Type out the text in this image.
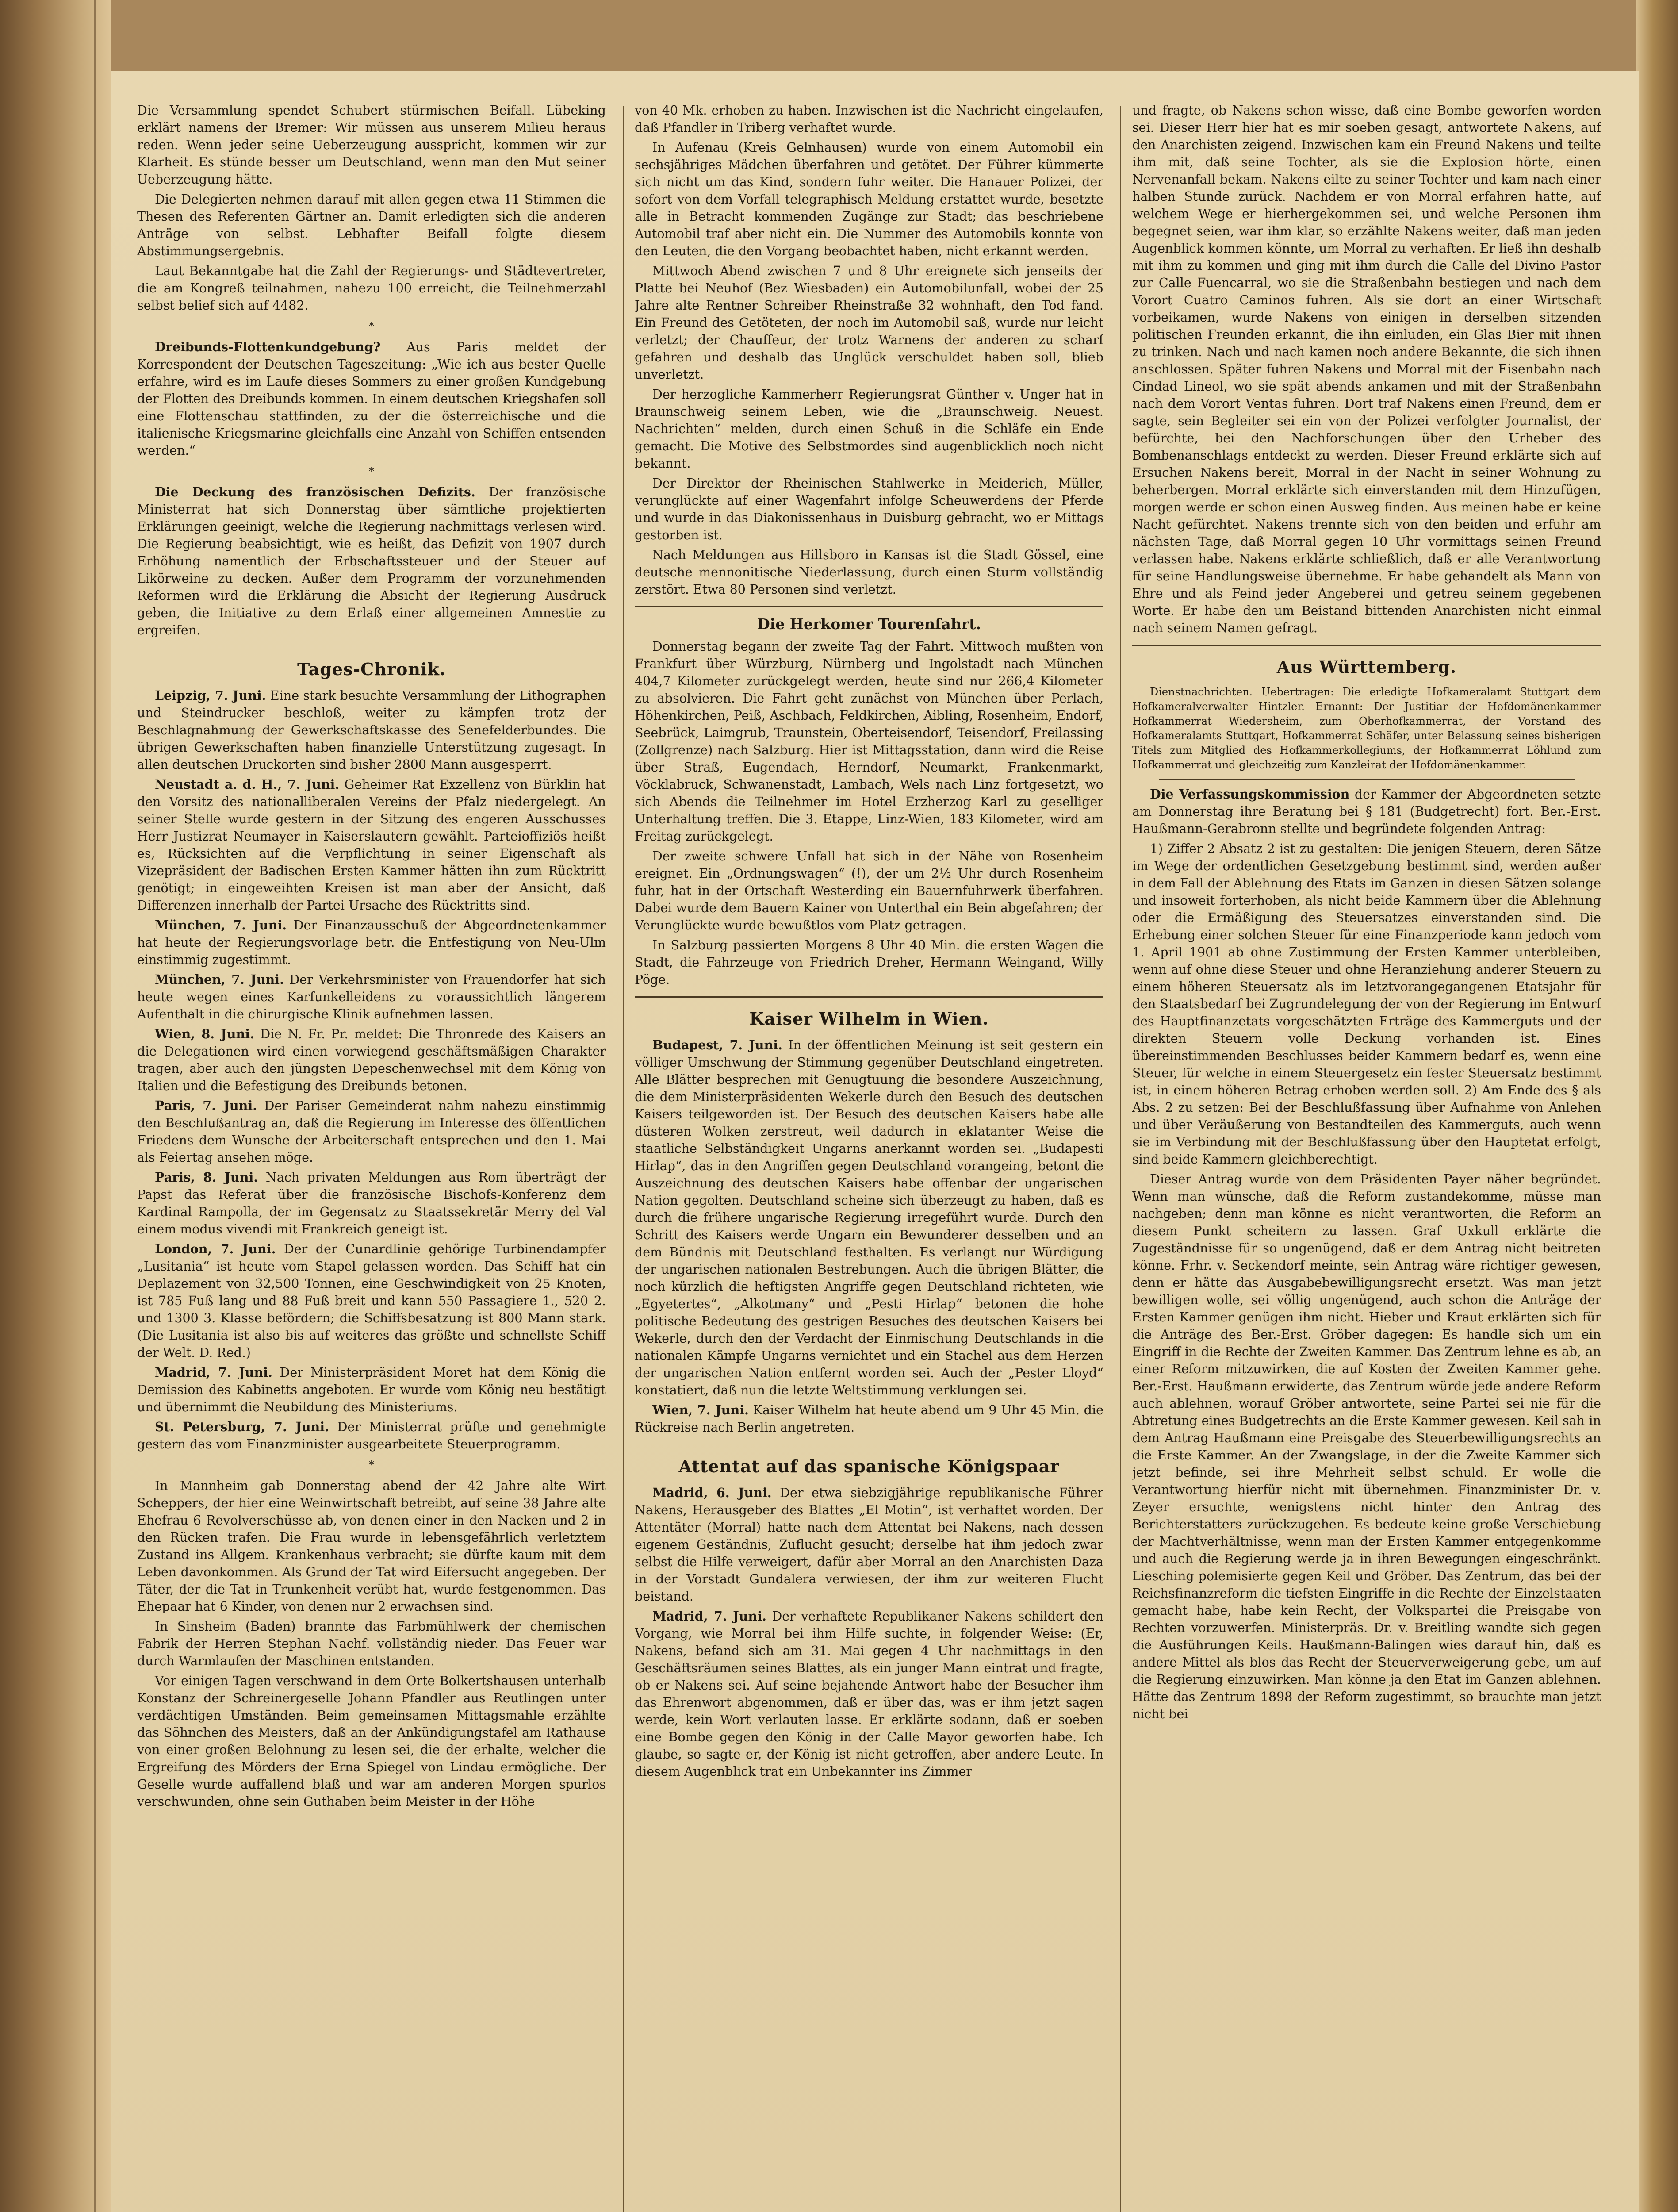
Die Versammlung spendet Schubert stürmischen Beifall. Lübeking erklärt namens der Bremer: Wir müssen aus unserem Milieu heraus reden. Wenn jeder seine Ueberzeugung ausspricht, kommen wir zur Klarheit. Es stünde besser um Deutschland, wenn man den Mut seiner Ueberzeugung hätte.

Die Delegierten nehmen darauf mit allen gegen etwa 11 Stimmen die Thesen des Referenten Gärtner an. Damit erledigten sich die anderen Anträge von selbst. Lebhafter Beifall folgte diesem Abstimmungsergebnis.

Laut Bekanntgabe hat die Zahl der Regierungs- und Städtevertreter, die am Kongreß teilnahmen, nahezu 100 erreicht, die Teilnehmerzahl selbst belief sich auf 4482.

*

Dreibunds-Flottenkundgebung? Aus Paris meldet der Korrespondent der Deutschen Tageszeitung: „Wie ich aus bester Quelle erfahre, wird es im Laufe dieses Sommers zu einer großen Kundgebung der Flotten des Dreibunds kommen. In einem deutschen Kriegshafen soll eine Flottenschau stattfinden, zu der die österreichische und die italienische Kriegsmarine gleichfalls eine Anzahl von Schiffen entsenden werden.“

*

Die Deckung des französischen Defizits. Der französische Ministerrat hat sich Donnerstag über sämtliche projektierten Erklärungen geeinigt, welche die Regierung nachmittags verlesen wird. Die Regierung beabsichtigt, wie es heißt, das Defizit von 1907 durch Erhöhung namentlich der Erbschaftssteuer und der Steuer auf Likörweine zu decken. Außer dem Programm der vorzunehmenden Reformen wird die Erklärung die Absicht der Regierung Ausdruck geben, die Initiative zu dem Erlaß einer allgemeinen Amnestie zu ergreifen.

Tages-Chronik.

Leipzig, 7. Juni. Eine stark besuchte Versammlung der Lithographen und Steindrucker beschloß, weiter zu kämpfen trotz der Beschlagnahmung der Gewerkschaftskasse des Senefelderbundes. Die übrigen Gewerkschaften haben finanzielle Unterstützung zugesagt. In allen deutschen Druckorten sind bisher 2800 Mann ausgesperrt.

Neustadt a. d. H., 7. Juni. Geheimer Rat Exzellenz von Bürklin hat den Vorsitz des nationalliberalen Vereins der Pfalz niedergelegt. An seiner Stelle wurde gestern in der Sitzung des engeren Ausschusses Herr Justizrat Neumayer in Kaiserslautern gewählt. Parteioffiziös heißt es, Rücksichten auf die Verpflichtung in seiner Eigenschaft als Vizepräsident der Badischen Ersten Kammer hätten ihn zum Rücktritt genötigt; in eingeweihten Kreisen ist man aber der Ansicht, daß Differenzen innerhalb der Partei Ursache des Rücktritts sind.

München, 7. Juni. Der Finanzausschuß der Abgeordnetenkammer hat heute der Regierungsvorlage betr. die Entfestigung von Neu-Ulm einstimmig zugestimmt.

München, 7. Juni. Der Verkehrsminister von Frauendorfer hat sich heute wegen eines Karfunkelleidens zu voraussichtlich längerem Aufenthalt in die chirurgische Klinik aufnehmen lassen.

Wien, 8. Juni. Die N. Fr. Pr. meldet: Die Thronrede des Kaisers an die Delegationen wird einen vorwiegend geschäftsmäßigen Charakter tragen, aber auch den jüngsten Depeschenwechsel mit dem König von Italien und die Befestigung des Dreibunds betonen.

Paris, 7. Juni. Der Pariser Gemeinderat nahm nahezu einstimmig den Beschlußantrag an, daß die Regierung im Interesse des öffentlichen Friedens dem Wunsche der Arbeiterschaft entsprechen und den 1. Mai als Feiertag ansehen möge.

Paris, 8. Juni. Nach privaten Meldungen aus Rom überträgt der Papst das Referat über die französische Bischofs-Konferenz dem Kardinal Rampolla, der im Gegensatz zu Staatssekretär Merry del Val einem modus vivendi mit Frankreich geneigt ist.

London, 7. Juni. Der der Cunardlinie gehörige Turbinendampfer „Lusitania“ ist heute vom Stapel gelassen worden. Das Schiff hat ein Deplazement von 32,500 Tonnen, eine Geschwindigkeit von 25 Knoten, ist 785 Fuß lang und 88 Fuß breit und kann 550 Passagiere 1., 520 2. und 1300 3. Klasse befördern; die Schiffsbesatzung ist 800 Mann stark. (Die Lusitania ist also bis auf weiteres das größte und schnellste Schiff der Welt. D. Red.)

Madrid, 7. Juni. Der Ministerpräsident Moret hat dem König die Demission des Kabinetts angeboten. Er wurde vom König neu bestätigt und übernimmt die Neubildung des Ministeriums.

St. Petersburg, 7. Juni. Der Ministerrat prüfte und genehmigte gestern das vom Finanzminister ausgearbeitete Steuerprogramm.

*

In Mannheim gab Donnerstag abend der 42 Jahre alte Wirt Scheppers, der hier eine Weinwirtschaft betreibt, auf seine 38 Jahre alte Ehefrau 6 Revolverschüsse ab, von denen einer in den Nacken und 2 in den Rücken trafen. Die Frau wurde in lebensgefährlich verletztem Zustand ins Allgem. Krankenhaus verbracht; sie dürfte kaum mit dem Leben davonkommen. Als Grund der Tat wird Eifersucht angegeben. Der Täter, der die Tat in Trunkenheit verübt hat, wurde festgenommen. Das Ehepaar hat 6 Kinder, von denen nur 2 erwachsen sind.

In Sinsheim (Baden) brannte das Farbmühlwerk der chemischen Fabrik der Herren Stephan Nachf. vollständig nieder. Das Feuer war durch Warmlaufen der Maschinen entstanden.

Vor einigen Tagen verschwand in dem Orte Bolkertshausen unterhalb Konstanz der Schreinergeselle Johann Pfandler aus Reutlingen unter verdächtigen Umständen. Beim gemeinsamen Mittagsmahle erzählte das Söhnchen des Meisters, daß an der Ankündigungstafel am Rathause von einer großen Belohnung zu lesen sei, die der erhalte, welcher die Ergreifung des Mörders der Erna Spiegel von Lindau ermögliche. Der Geselle wurde auffallend blaß und war am anderen Morgen spurlos verschwunden, ohne sein Guthaben beim Meister in der Höhe

von 40 Mk. erhoben zu haben. Inzwischen ist die Nachricht eingelaufen, daß Pfandler in Triberg verhaftet wurde.

In Aufenau (Kreis Gelnhausen) wurde von einem Automobil ein sechsjähriges Mädchen überfahren und getötet. Der Führer kümmerte sich nicht um das Kind, sondern fuhr weiter. Die Hanauer Polizei, der sofort von dem Vorfall telegraphisch Meldung erstattet wurde, besetzte alle in Betracht kommenden Zugänge zur Stadt; das beschriebene Automobil traf aber nicht ein. Die Nummer des Automobils konnte von den Leuten, die den Vorgang beobachtet haben, nicht erkannt werden.

Mittwoch Abend zwischen 7 und 8 Uhr ereignete sich jenseits der Platte bei Neuhof (Bez Wiesbaden) ein Automobilunfall, wobei der 25 Jahre alte Rentner Schreiber Rheinstraße 32 wohnhaft, den Tod fand. Ein Freund des Getöteten, der noch im Automobil saß, wurde nur leicht verletzt; der Chauffeur, der trotz Warnens der anderen zu scharf gefahren und deshalb das Unglück verschuldet haben soll, blieb unverletzt.

Der herzogliche Kammerherr Regierungsrat Günther v. Unger hat in Braunschweig seinem Leben, wie die „Braunschweig. Neuest. Nachrichten“ melden, durch einen Schuß in die Schläfe ein Ende gemacht. Die Motive des Selbstmordes sind augenblicklich noch nicht bekannt.

Der Direktor der Rheinischen Stahlwerke in Meiderich, Müller, verunglückte auf einer Wagenfahrt infolge Scheuwerdens der Pferde und wurde in das Diakonissenhaus in Duisburg gebracht, wo er Mittags gestorben ist.

Nach Meldungen aus Hillsboro in Kansas ist die Stadt Gössel, eine deutsche mennonitische Niederlassung, durch einen Sturm vollständig zerstört. Etwa 80 Personen sind verletzt.

Die Herkomer Tourenfahrt.

Donnerstag begann der zweite Tag der Fahrt. Mittwoch mußten von Frankfurt über Würzburg, Nürnberg und Ingolstadt nach München 404,7 Kilometer zurückgelegt werden, heute sind nur 266,4 Kilometer zu absolvieren. Die Fahrt geht zunächst von München über Perlach, Höhenkirchen, Peiß, Aschbach, Feldkirchen, Aibling, Rosenheim, Endorf, Seebrück, Laimgrub, Traunstein, Oberteisendorf, Teisendorf, Freilassing (Zollgrenze) nach Salzburg. Hier ist Mittagsstation, dann wird die Reise über Straß, Eugendach, Herndorf, Neumarkt, Frankenmarkt, Vöcklabruck, Schwanenstadt, Lambach, Wels nach Linz fortgesetzt, wo sich Abends die Teilnehmer im Hotel Erzherzog Karl zu geselliger Unterhaltung treffen. Die 3. Etappe, Linz-Wien, 183 Kilometer, wird am Freitag zurückgelegt.

Der zweite schwere Unfall hat sich in der Nähe von Rosenheim ereignet. Ein „Ordnungswagen“ (!), der um 2½ Uhr durch Rosenheim fuhr, hat in der Ortschaft Westerding ein Bauernfuhrwerk überfahren. Dabei wurde dem Bauern Kainer von Unterthal ein Bein abgefahren; der Verunglückte wurde bewußtlos vom Platz getragen.

In Salzburg passierten Morgens 8 Uhr 40 Min. die ersten Wagen die Stadt, die Fahrzeuge von Friedrich Dreher, Hermann Weingand, Willy Pöge.

Kaiser Wilhelm in Wien.

Budapest, 7. Juni. In der öffentlichen Meinung ist seit gestern ein völliger Umschwung der Stimmung gegenüber Deutschland eingetreten. Alle Blätter besprechen mit Genugtuung die besondere Auszeichnung, die dem Ministerpräsidenten Wekerle durch den Besuch des deutschen Kaisers teilgeworden ist. Der Besuch des deutschen Kaisers habe alle düsteren Wolken zerstreut, weil dadurch in eklatanter Weise die staatliche Selbständigkeit Ungarns anerkannt worden sei. „Budapesti Hirlap“, das in den Angriffen gegen Deutschland vorangeing, betont die Auszeichnung des deutschen Kaisers habe offenbar der ungarischen Nation gegolten. Deutschland scheine sich überzeugt zu haben, daß es durch die frühere ungarische Regierung irregeführt wurde. Durch den Schritt des Kaisers werde Ungarn ein Bewunderer desselben und an dem Bündnis mit Deutschland festhalten. Es verlangt nur Würdigung der ungarischen nationalen Bestrebungen. Auch die übrigen Blätter, die noch kürzlich die heftigsten Angriffe gegen Deutschland richteten, wie „Egyetertes“, „Alkotmany“ und „Pesti Hirlap“ betonen die hohe politische Bedeutung des gestrigen Besuches des deutschen Kaisers bei Wekerle, durch den der Verdacht der Einmischung Deutschlands in die nationalen Kämpfe Ungarns vernichtet und ein Stachel aus dem Herzen der ungarischen Nation entfernt worden sei. Auch der „Pester Lloyd“ konstatiert, daß nun die letzte Weltstimmung verklungen sei.

Wien, 7. Juni. Kaiser Wilhelm hat heute abend um 9 Uhr 45 Min. die Rückreise nach Berlin angetreten.

Attentat auf das spanische Königspaar

Madrid, 6. Juni. Der etwa siebzigjährige republikanische Führer Nakens, Herausgeber des Blattes „El Motin“, ist verhaftet worden. Der Attentäter (Morral) hatte nach dem Attentat bei Nakens, nach dessen eigenem Geständnis, Zuflucht gesucht; derselbe hat ihm jedoch zwar selbst die Hilfe verweigert, dafür aber Morral an den Anarchisten Daza in der Vorstadt Gundalera verwiesen, der ihm zur weiteren Flucht beistand.

Madrid, 7. Juni. Der verhaftete Republikaner Nakens schildert den Vorgang, wie Morral bei ihm Hilfe suchte, in folgender Weise: (Er, Nakens, befand sich am 31. Mai gegen 4 Uhr nachmittags in den Geschäftsräumen seines Blattes, als ein junger Mann eintrat und fragte, ob er Nakens sei. Auf seine bejahende Antwort habe der Besucher ihm das Ehrenwort abgenommen, daß er über das, was er ihm jetzt sagen werde, kein Wort verlauten lasse. Er erklärte sodann, daß er soeben eine Bombe gegen den König in der Calle Mayor geworfen habe. Ich glaube, so sagte er, der König ist nicht getroffen, aber andere Leute. In diesem Augenblick trat ein Unbekannter ins Zimmer

und fragte, ob Nakens schon wisse, daß eine Bombe geworfen worden sei. Dieser Herr hier hat es mir soeben gesagt, antwortete Nakens, auf den Anarchisten zeigend. Inzwischen kam ein Freund Nakens und teilte ihm mit, daß seine Tochter, als sie die Explosion hörte, einen Nervenanfall bekam. Nakens eilte zu seiner Tochter und kam nach einer halben Stunde zurück. Nachdem er von Morral erfahren hatte, auf welchem Wege er hierhergekommen sei, und welche Personen ihm begegnet seien, war ihm klar, so erzählte Nakens weiter, daß man jeden Augenblick kommen könnte, um Morral zu verhaften. Er ließ ihn deshalb mit ihm zu kommen und ging mit ihm durch die Calle del Divino Pastor zur Calle Fuencarral, wo sie die Straßenbahn bestiegen und nach dem Vorort Cuatro Caminos fuhren. Als sie dort an einer Wirtschaft vorbeikamen, wurde Nakens von einigen in derselben sitzenden politischen Freunden erkannt, die ihn einluden, ein Glas Bier mit ihnen zu trinken. Nach und nach kamen noch andere Bekannte, die sich ihnen anschlossen. Später fuhren Nakens und Morral mit der Eisenbahn nach Cindad Lineol, wo sie spät abends ankamen und mit der Straßenbahn nach dem Vorort Ventas fuhren. Dort traf Nakens einen Freund, dem er sagte, sein Begleiter sei ein von der Polizei verfolgter Journalist, der befürchte, bei den Nachforschungen über den Urheber des Bombenanschlags entdeckt zu werden. Dieser Freund erklärte sich auf Ersuchen Nakens bereit, Morral in der Nacht in seiner Wohnung zu beherbergen. Morral erklärte sich einverstanden mit dem Hinzufügen, morgen werde er schon einen Ausweg finden. Aus meinen habe er keine Nacht gefürchtet. Nakens trennte sich von den beiden und erfuhr am nächsten Tage, daß Morral gegen 10 Uhr vormittags seinen Freund verlassen habe. Nakens erklärte schließlich, daß er alle Verantwortung für seine Handlungsweise übernehme. Er habe gehandelt als Mann von Ehre und als Feind jeder Angeberei und getreu seinem gegebenen Worte. Er habe den um Beistand bittenden Anarchisten nicht einmal nach seinem Namen gefragt.

Aus Württemberg.

Dienstnachrichten. Uebertragen: Die erledigte Hofkameralamt Stuttgart dem Hofkameralverwalter Hintzler. Ernannt: Der Justitiar der Hofdomänenkammer Hofkammerrat Wiedersheim, zum Oberhofkammerrat, der Vorstand des Hofkameralamts Stuttgart, Hofkammerrat Schäfer, unter Belassung seines bisherigen Titels zum Mitglied des Hofkammerkollegiums, der Hofkammerrat Löhlund zum Hofkammerrat und gleichzeitig zum Kanzleirat der Hofdomänenkammer.

Die Verfassungskommission der Kammer der Abgeordneten setzte am Donnerstag ihre Beratung bei § 181 (Budgetrecht) fort. Ber.-Erst. Haußmann-Gerabronn stellte und begründete folgenden Antrag:

1) Ziffer 2 Absatz 2 ist zu gestalten: Die jenigen Steuern, deren Sätze im Wege der ordentlichen Gesetzgebung bestimmt sind, werden außer in dem Fall der Ablehnung des Etats im Ganzen in diesen Sätzen solange und insoweit forterhoben, als nicht beide Kammern über die Ablehnung oder die Ermäßigung des Steuersatzes einverstanden sind. Die Erhebung einer solchen Steuer für eine Finanzperiode kann jedoch vom 1. April 1901 ab ohne Zustimmung der Ersten Kammer unterbleiben, wenn auf ohne diese Steuer und ohne Heranziehung anderer Steuern zu einem höheren Steuersatz als im letztvorangegangenen Etatsjahr für den Staatsbedarf bei Zugrundelegung der von der Regierung im Entwurf des Hauptfinanzetats vorgeschätzten Erträge des Kammerguts und der direkten Steuern volle Deckung vorhanden ist. Eines übereinstimmenden Beschlusses beider Kammern bedarf es, wenn eine Steuer, für welche in einem Steuergesetz ein fester Steuersatz bestimmt ist, in einem höheren Betrag erhoben werden soll. 2) Am Ende des § als Abs. 2 zu setzen: Bei der Beschlußfassung über Aufnahme von Anlehen und über Veräußerung von Bestandteilen des Kammerguts, auch wenn sie im Verbindung mit der Beschlußfassung über den Hauptetat erfolgt, sind beide Kammern gleichberechtigt.

Dieser Antrag wurde von dem Präsidenten Payer näher begründet. Wenn man wünsche, daß die Reform zustandekomme, müsse man nachgeben; denn man könne es nicht verantworten, die Reform an diesem Punkt scheitern zu lassen. Graf Uxkull erklärte die Zugeständnisse für so ungenügend, daß er dem Antrag nicht beitreten könne. Frhr. v. Seckendorf meinte, sein Antrag wäre richtiger gewesen, denn er hätte das Ausgabebewilligungsrecht ersetzt. Was man jetzt bewilligen wolle, sei völlig ungenügend, auch schon die Anträge der Ersten Kammer genügen ihm nicht. Hieber und Kraut erklärten sich für die Anträge des Ber.-Erst. Gröber dagegen: Es handle sich um ein Eingriff in die Rechte der Zweiten Kammer. Das Zentrum lehne es ab, an einer Reform mitzuwirken, die auf Kosten der Zweiten Kammer gehe. Ber.-Erst. Haußmann erwiderte, das Zentrum würde jede andere Reform auch ablehnen, worauf Gröber antwortete, seine Partei sei nie für die Abtretung eines Budgetrechts an die Erste Kammer gewesen. Keil sah in dem Antrag Haußmann eine Preisgabe des Steuerbewilligungsrechts an die Erste Kammer. An der Zwangslage, in der die Zweite Kammer sich jetzt befinde, sei ihre Mehrheit selbst schuld. Er wolle die Verantwortung hierfür nicht mit übernehmen. Finanzminister Dr. v. Zeyer ersuchte, wenigstens nicht hinter den Antrag des Berichterstatters zurückzugehen. Es bedeute keine große Verschiebung der Machtverhältnisse, wenn man der Ersten Kammer entgegenkomme und auch die Regierung werde ja in ihren Bewegungen eingeschränkt. Liesching polemisierte gegen Keil und Gröber. Das Zentrum, das bei der Reichsfinanzreform die tiefsten Eingriffe in die Rechte der Einzelstaaten gemacht habe, habe kein Recht, der Volkspartei die Preisgabe von Rechten vorzuwerfen. Ministerpräs. Dr. v. Breitling wandte sich gegen die Ausführungen Keils. Haußmann-Balingen wies darauf hin, daß es andere Mittel als blos das Recht der Steuerverweigerung gebe, um auf die Regierung einzuwirken. Man könne ja den Etat im Ganzen ablehnen. Hätte das Zentrum 1898 der Reform zugestimmt, so brauchte man jetzt nicht bei
